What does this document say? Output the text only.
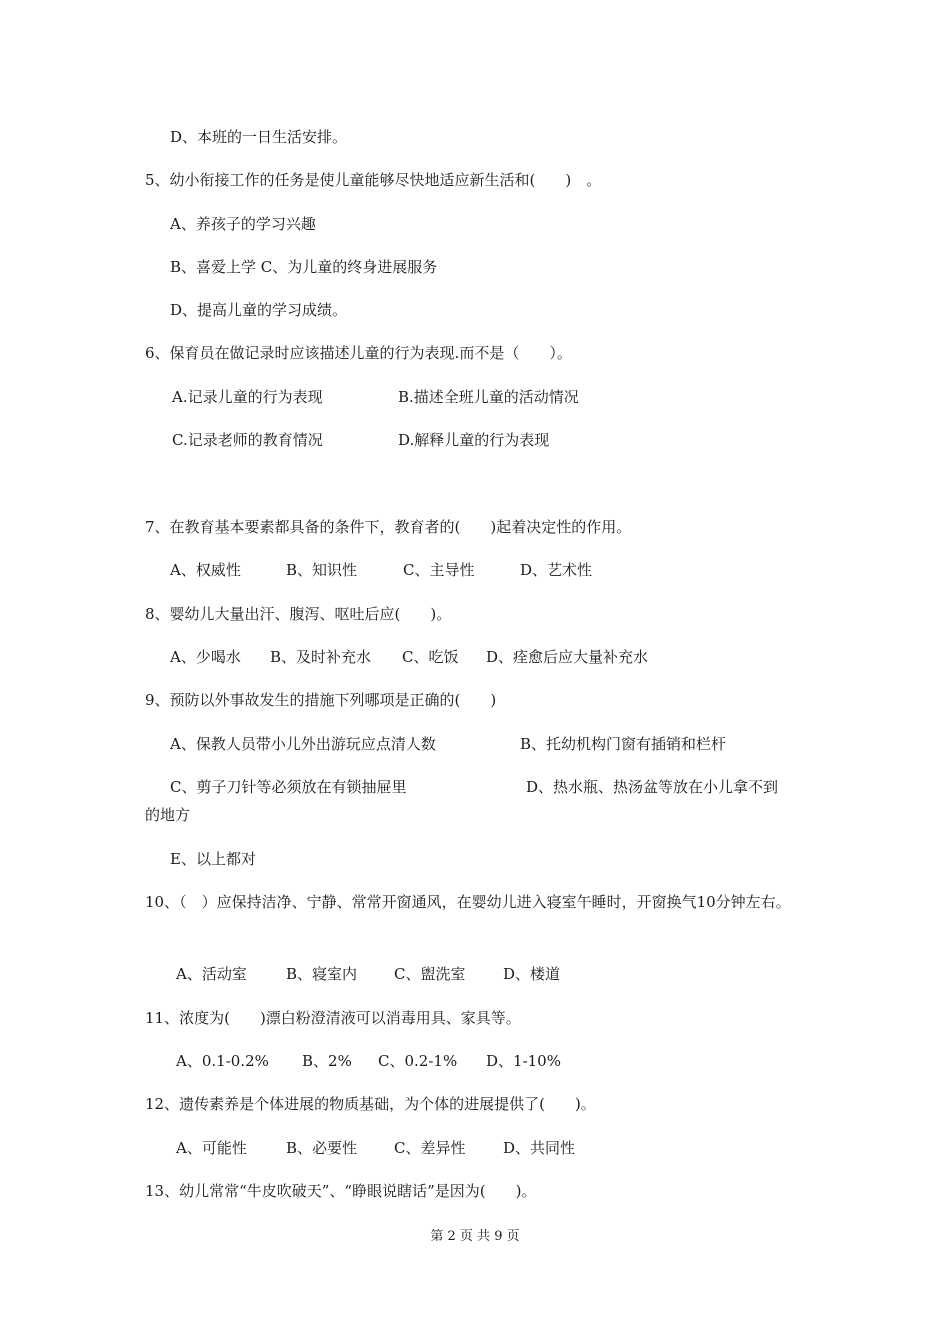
D、本班的一日生活安排。
5、幼小衔接工作的任务是使儿童能够尽快地适应新生活和(　　)　。
A、养孩子的学习兴趣
B、喜爱上学 C、为儿童的终身进展服务
D、提高儿童的学习成绩。
6、保育员在做记录时应该描述儿童的行为表现.而不是（　　）。
A.记录儿童的行为表现	B.描述全班儿童的活动情况
C.记录老师的教育情况	D.解释儿童的行为表现
7、在教育基本要素都具备的条件下，教育者的(　　)起着决定性的作用。
A、权威性	B、知识性	C、主导性	D、艺术性
8、婴幼儿大量出汗、腹泻、呕吐后应(　　)。
A、少喝水 B、及时补充水 C、吃饭 D、痊愈后应大量补充水
9、预防以外事故发生的措施下列哪项是正确的(　　)
A、保教人员带小儿外出游玩应点清人数	B、托幼机构门窗有插销和栏杆
C、剪子刀针等必须放在有锁抽屉里	D、热水瓶、热汤盆等放在小儿拿不到
的地方
E、以上都对
10、（　）应保持洁净、宁静、常常开窗通风，在婴幼儿进入寝室午睡时，开窗换气10分钟左右。
A、活动室	B、寝室内 C、盥洗室	D、楼道
11、浓度为(　　)漂白粉澄清液可以消毒用具、家具等。
A、0.1-0.2% B、2% C、0.2-1% D、1-10%
12、遗传素养是个体进展的物质基础，为个体的进展提供了(　　)。
A、可能性	B、必要性 C、差异性	D、共同性
13、幼儿常常“牛皮吹破天”、“睁眼说瞎话”是因为(　　)。
第 2 页 共 9 页
